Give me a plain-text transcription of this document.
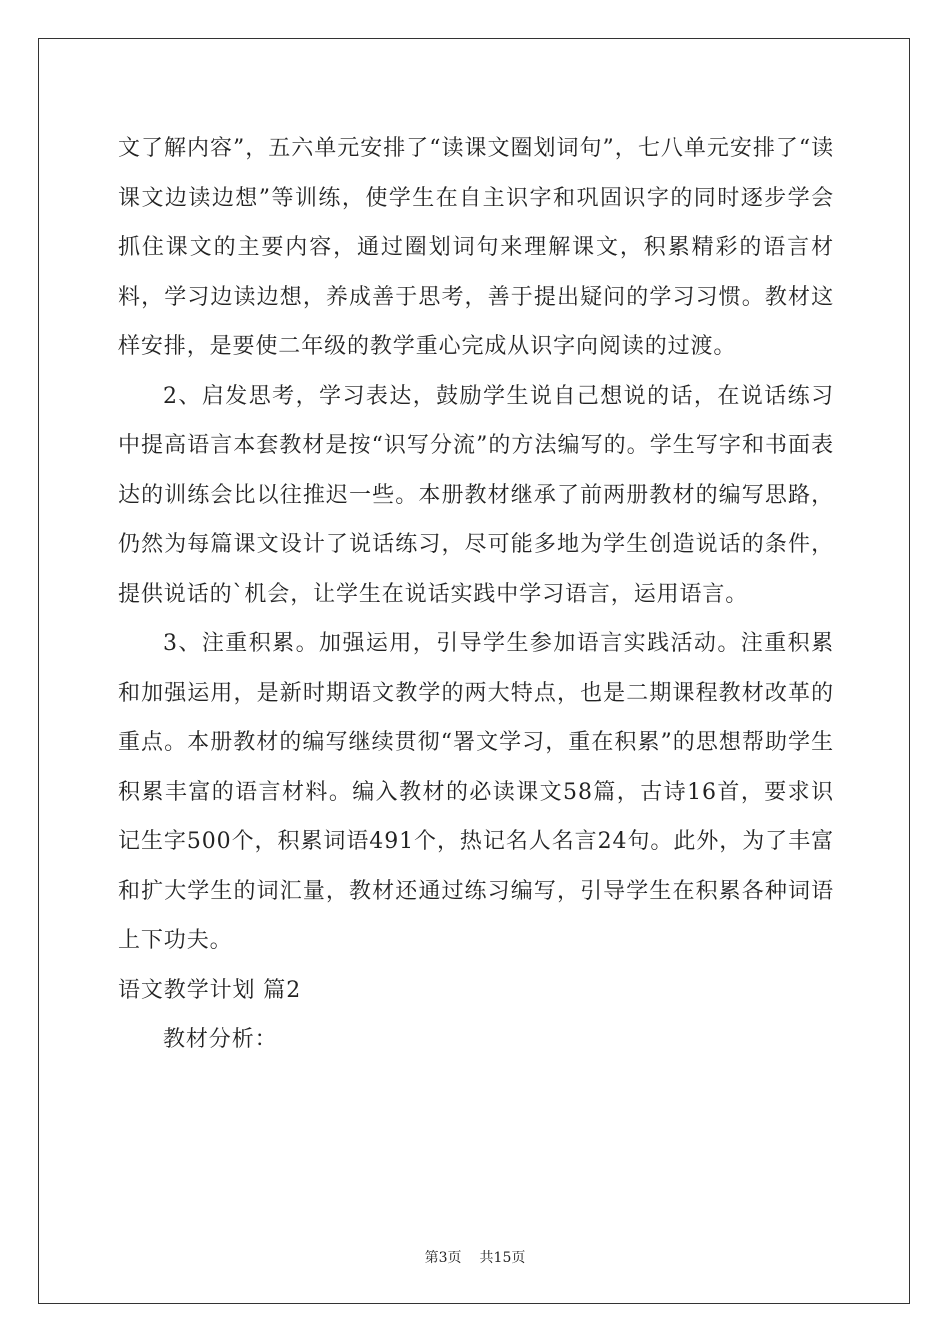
文了解内容”，五六单元安排了“读课文圈划词句”，七八单元安排了“读课文边读边想”等训练，使学生在自主识字和巩固识字的同时逐步学会抓住课文的主要内容，通过圈划词句来理解课文，积累精彩的语言材料，学习边读边想，养成善于思考，善于提出疑问的学习习惯。教材这样安排，是要使二年级的教学重心完成从识字向阅读的过渡。

2、启发思考，学习表达，鼓励学生说自己想说的话，在说话练习中提高语言本套教材是按“识写分流”的方法编写的。学生写字和书面表达的训练会比以往推迟一些。本册教材继承了前两册教材的编写思路，仍然为每篇课文设计了说话练习，尽可能多地为学生创造说话的条件，提供说话的`机会，让学生在说话实践中学习语言，运用语言。

3、注重积累。加强运用，引导学生参加语言实践活动。注重积累和加强运用，是新时期语文教学的两大特点，也是二期课程教材改革的重点。本册教材的编写继续贯彻“署文学习，重在积累”的思想帮助学生积累丰富的语言材料。编入教材的必读课文58篇，古诗16首，要求识记生字500个，积累词语491个，热记名人名言24句。此外，为了丰富和扩大学生的词汇量，教材还通过练习编写，引导学生在积累各种词语上下功夫。

语文教学计划 篇2

教材分析：

第3页 共15页
